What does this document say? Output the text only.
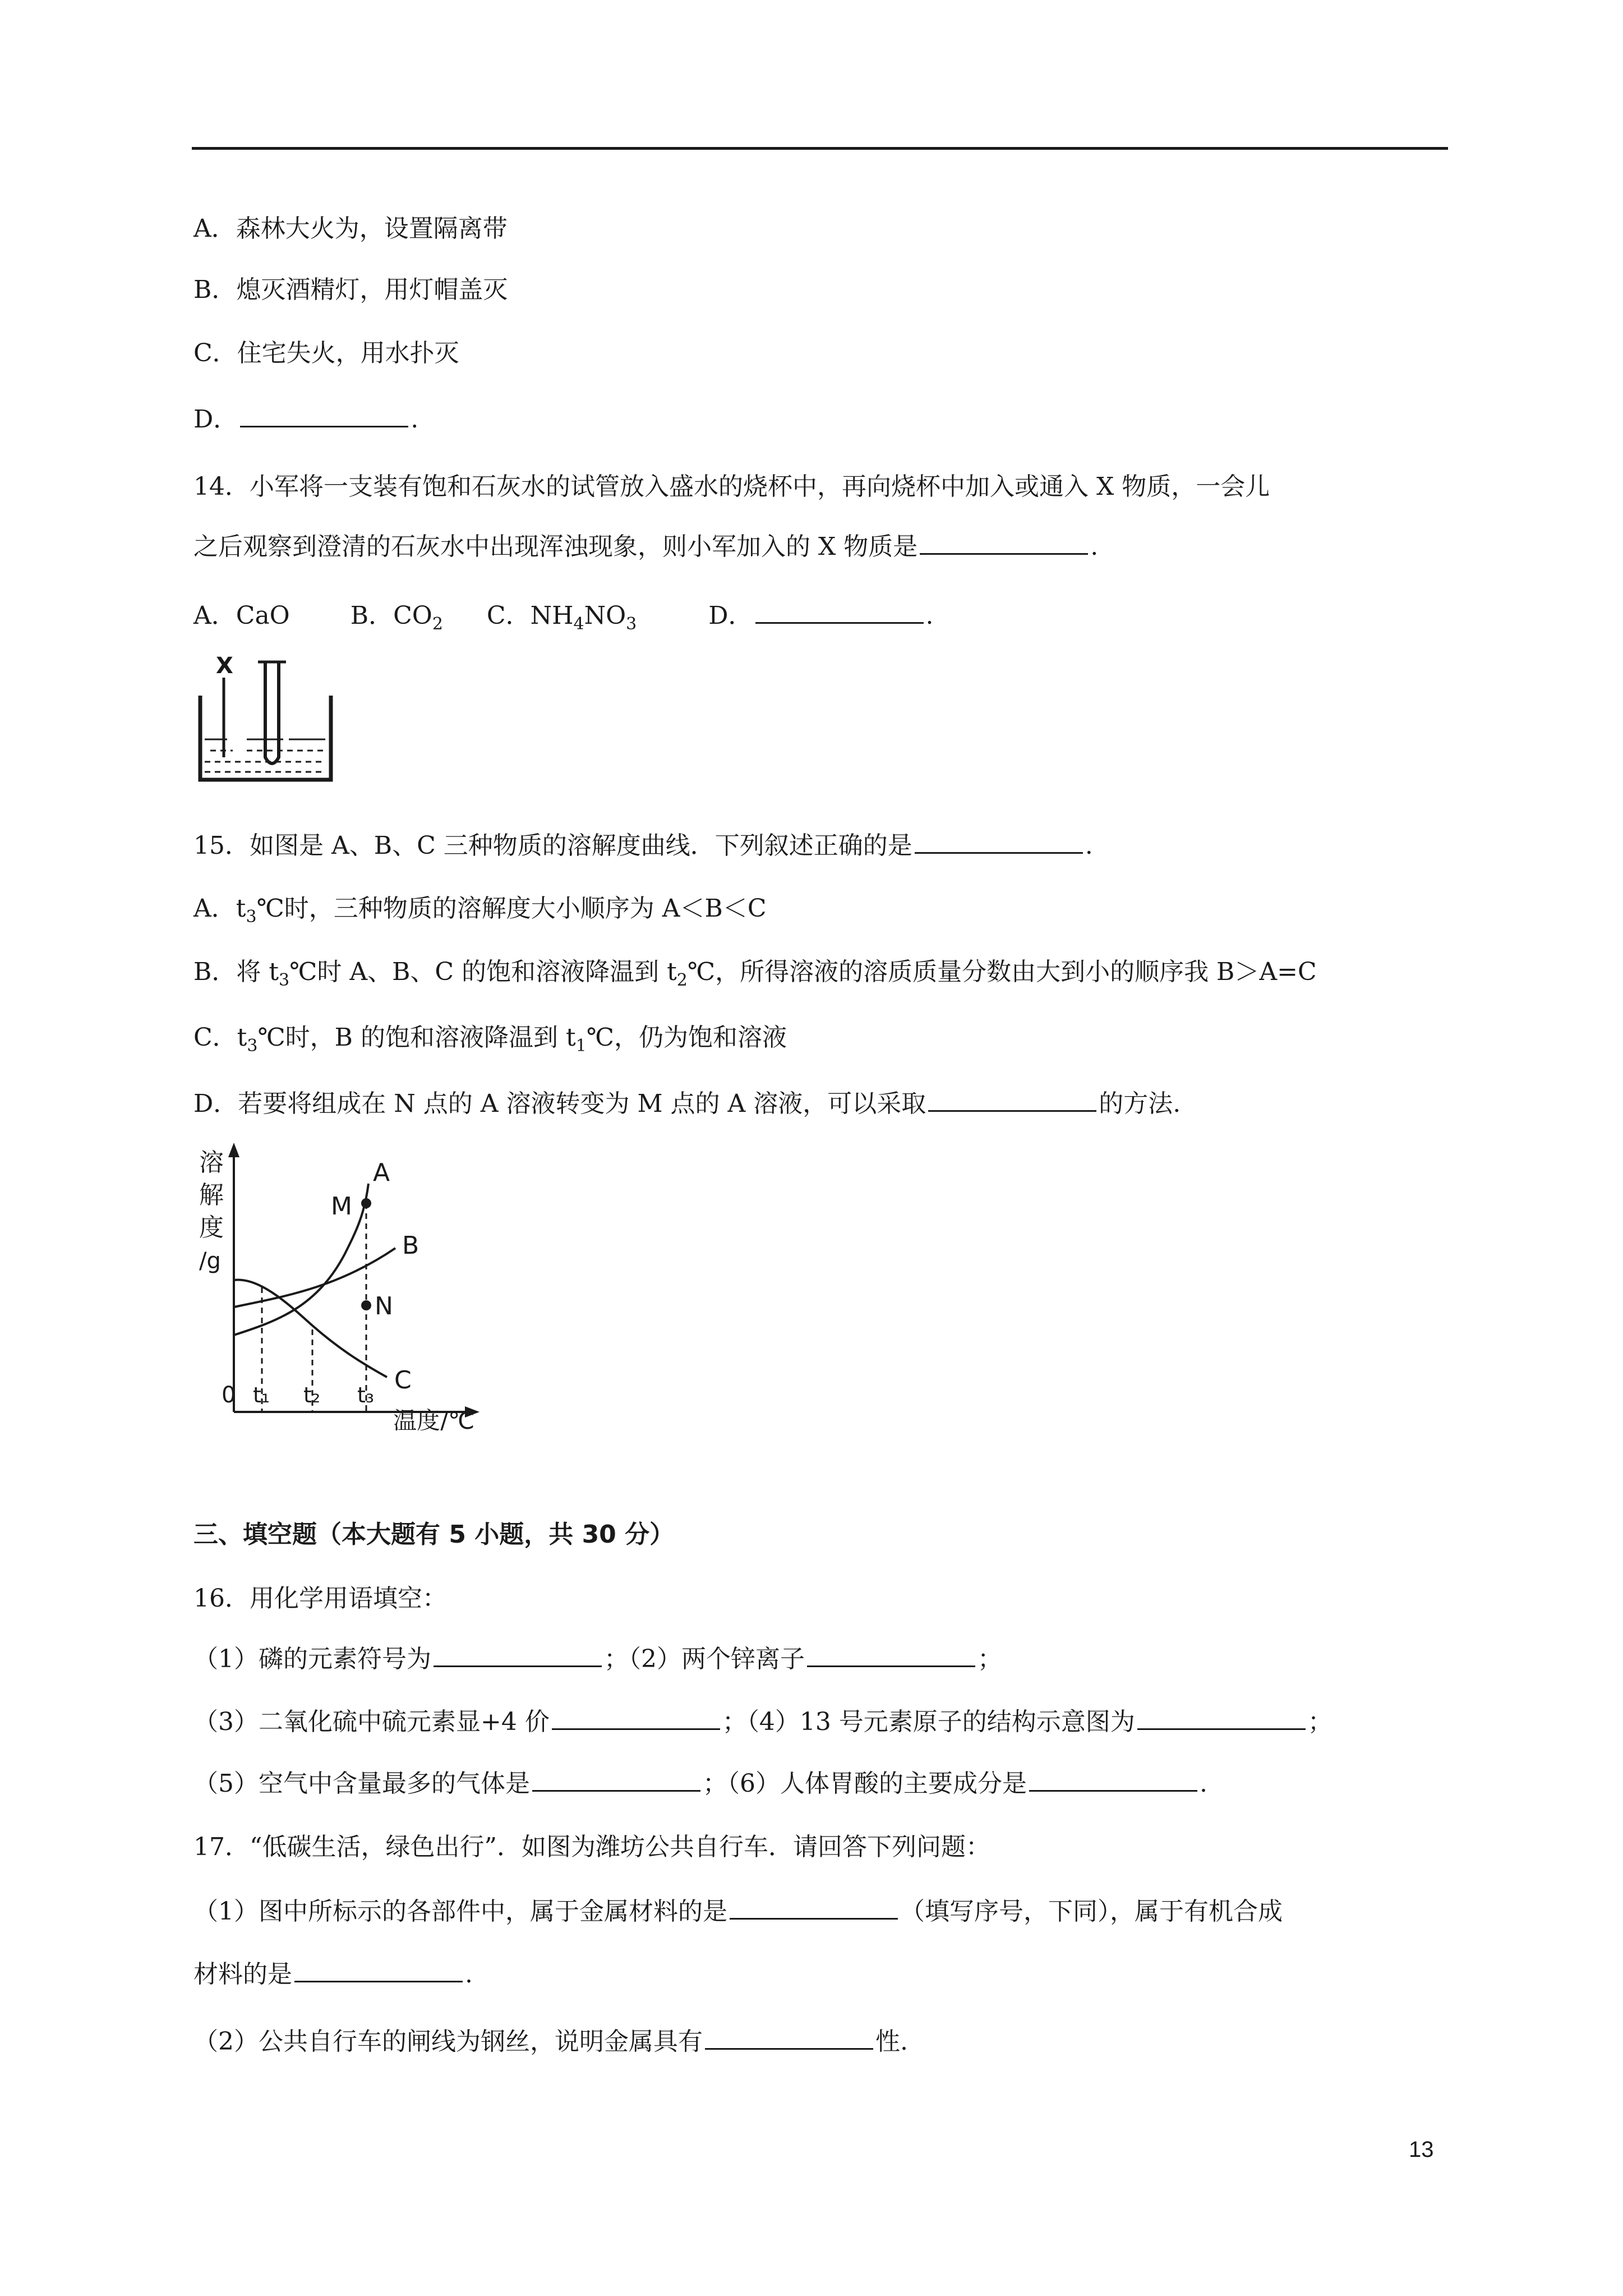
A．森林大火为，设置隔离带
B．熄灭酒精灯，用灯帽盖灭
C．住宅失火，用水扑灭
D．	.
14．小军将一支装有饱和石灰水的试管放入盛水的烧杯中，再向烧杯中加入或通入 X 物质，一会儿
之后观察到澄清的石灰水中出现浑浊现象，则小军加入的 X 物质是	.
A．CaO B．$CO_2$ C．$NH_4NO_3$	D．	.
X
15．如图是 A、B、C 三种物质的溶解度曲线．下列叙述正确的是	.
A．$t_3℃$时，三种物质的溶解度大小顺序为 A＜B＜C
B．将 $t_3℃$时 A、B、C 的饱和溶液降温到 $t_2℃$，所得溶液的溶质质量分数由大到小的顺序我 B＞A=C
C．$t_3℃$时，B 的饱和溶液降温到 $t_1℃$，仍为饱和溶液
D．若要将组成在 N 点的 A 溶液转变为 M 点的 A 溶液，可以采取	的方法.
溶
解
度
/g
A
M
B
N
C
0 t₁ t₂ t₃
温度/℃
三、填空题（本大题有 5 小题，共 30 分）
16．用化学用语填空：
（1）磷的元素符号为	；（2）两个锌离子	；
（3）二氧化硫中硫元素显+4 价	；（4）13 号元素原子的结构示意图为	；
（5）空气中含量最多的气体是	；（6）人体胃酸的主要成分是	.
17．“低碳生活，绿色出行”．如图为潍坊公共自行车．请回答下列问题：
（1）图中所标示的各部件中，属于金属材料的是	（填写序号，下同），属于有机合成
材料的是	.
（2）公共自行车的闸线为钢丝，说明金属具有	性.
13
